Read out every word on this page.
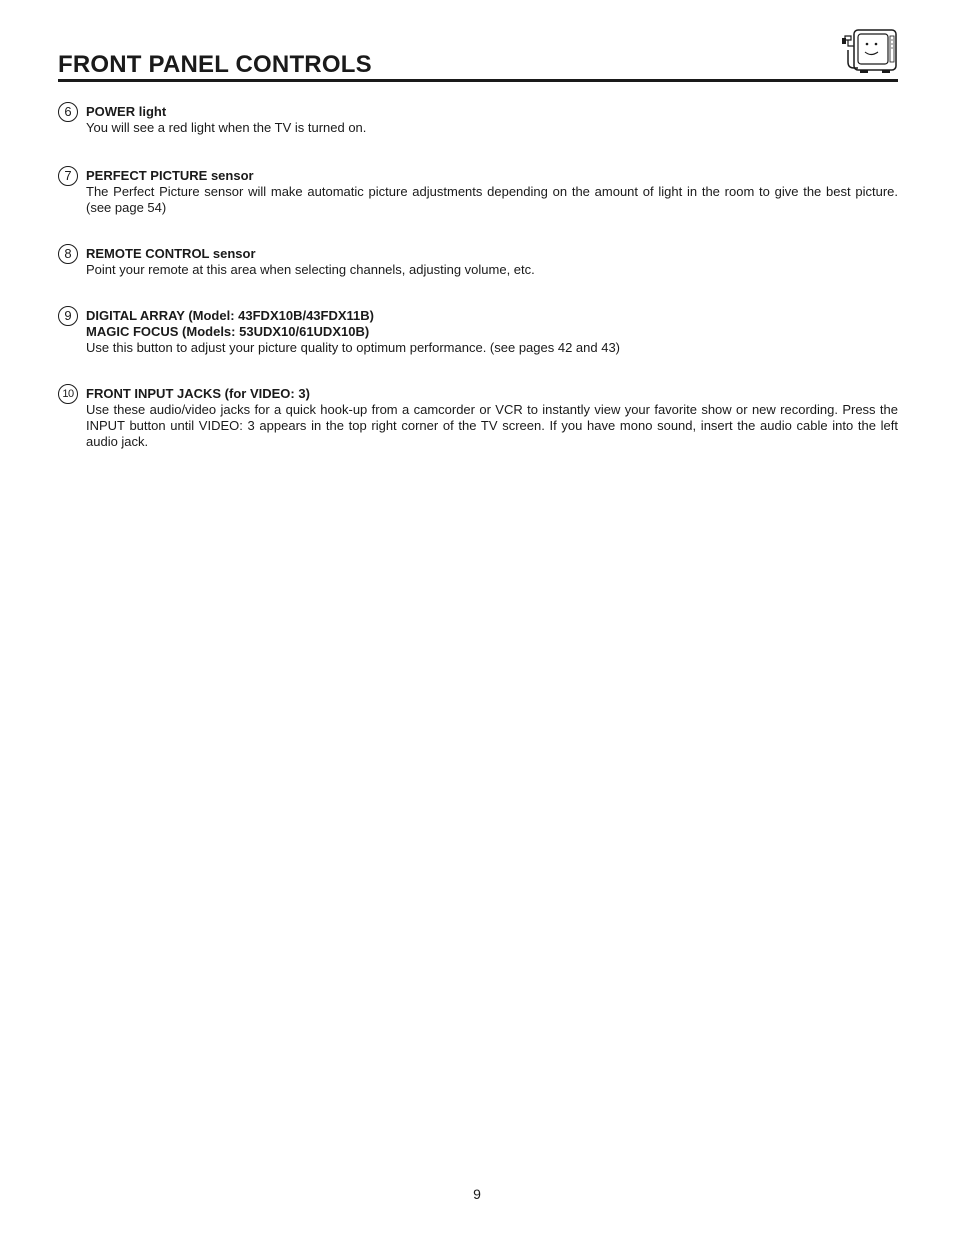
FRONT PANEL CONTROLS
6	POWER light
You will see a red light when the TV is turned on.
7	PERFECT PICTURE sensor
The Perfect Picture sensor will make automatic picture adjustments depending on the amount of light in the room to give the best picture. (see page 54)
8	REMOTE CONTROL sensor
Point your remote at this area when selecting channels, adjusting volume, etc.
9	DIGITAL ARRAY (Model: 43FDX10B/43FDX11B)
MAGIC FOCUS (Models: 53UDX10/61UDX10B)
Use this button to adjust your picture quality to optimum performance. (see pages 42 and 43)
10 FRONT INPUT JACKS (for VIDEO: 3)
Use these audio/video jacks for a quick hook-up from a camcorder or VCR to instantly view your favorite show or new recording. Press the INPUT button until VIDEO: 3 appears in the top right corner of the TV screen. If you have mono sound, insert the audio cable into the left audio jack.
9
